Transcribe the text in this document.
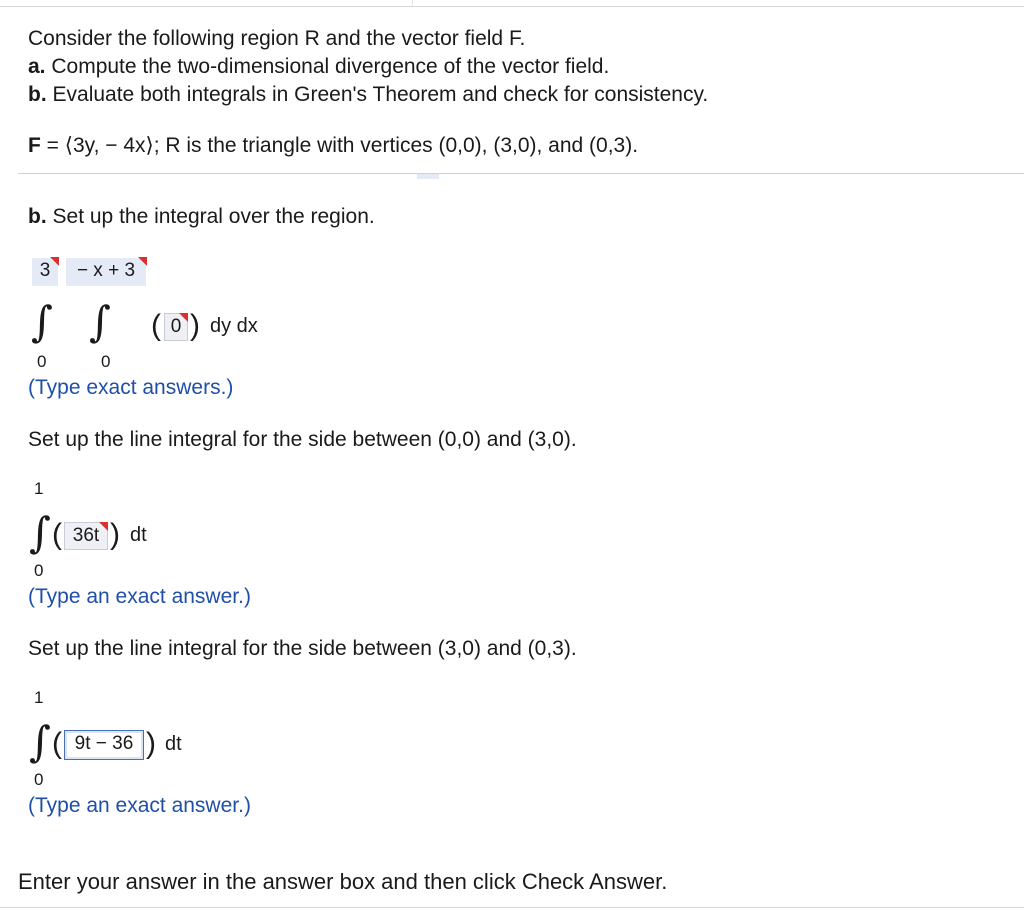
Consider the following region R and the vector field F.
a. Compute the two-dimensional divergence of the vector field.
b. Evaluate both integrals in Green's Theorem and check for consistency.
F = ⟨3y, − 4x⟩; R is the triangle with vertices (0,0), (3,0), and (0,3).
b. Set up the integral over the region.
3	− x + 3
∫ ∫ ( 0 ) dy dx
0	0
(Type exact answers.)
Set up the line integral for the side between (0,0) and (3,0).
1
∫ ( 36t ) dt
0
(Type an exact answer.)
Set up the line integral for the side between (3,0) and (0,3).
1
∫ ( 9t − 36 ) dt
0
(Type an exact answer.)
Enter your answer in the answer box and then click Check Answer.
